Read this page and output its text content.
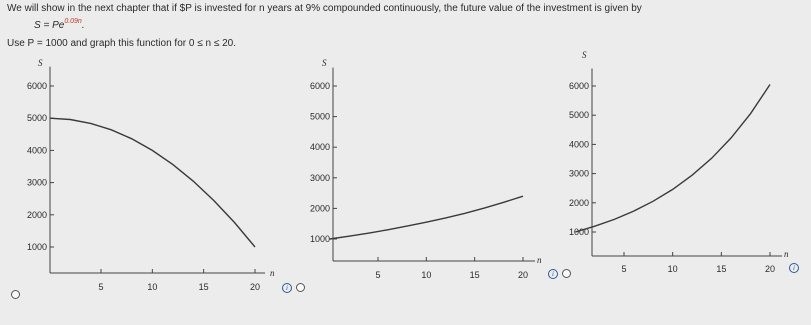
We will show in the next chapter that if $P is invested for n years at 9% compounded continuously, the future value of the investment is given by
$S = Pe^{0.09n}$.
Use P = 1000 and graph this function for 0 ≤ n ≤ 20.
1000
2000
3000
4000
5000
6000
5	10	15	20
S
n
1000
2000
3000
4000
5000
6000
5	10	15	20
S
n
1000
2000
3000
4000
5000
6000
5	10	15	20
S
n
i
i
i
